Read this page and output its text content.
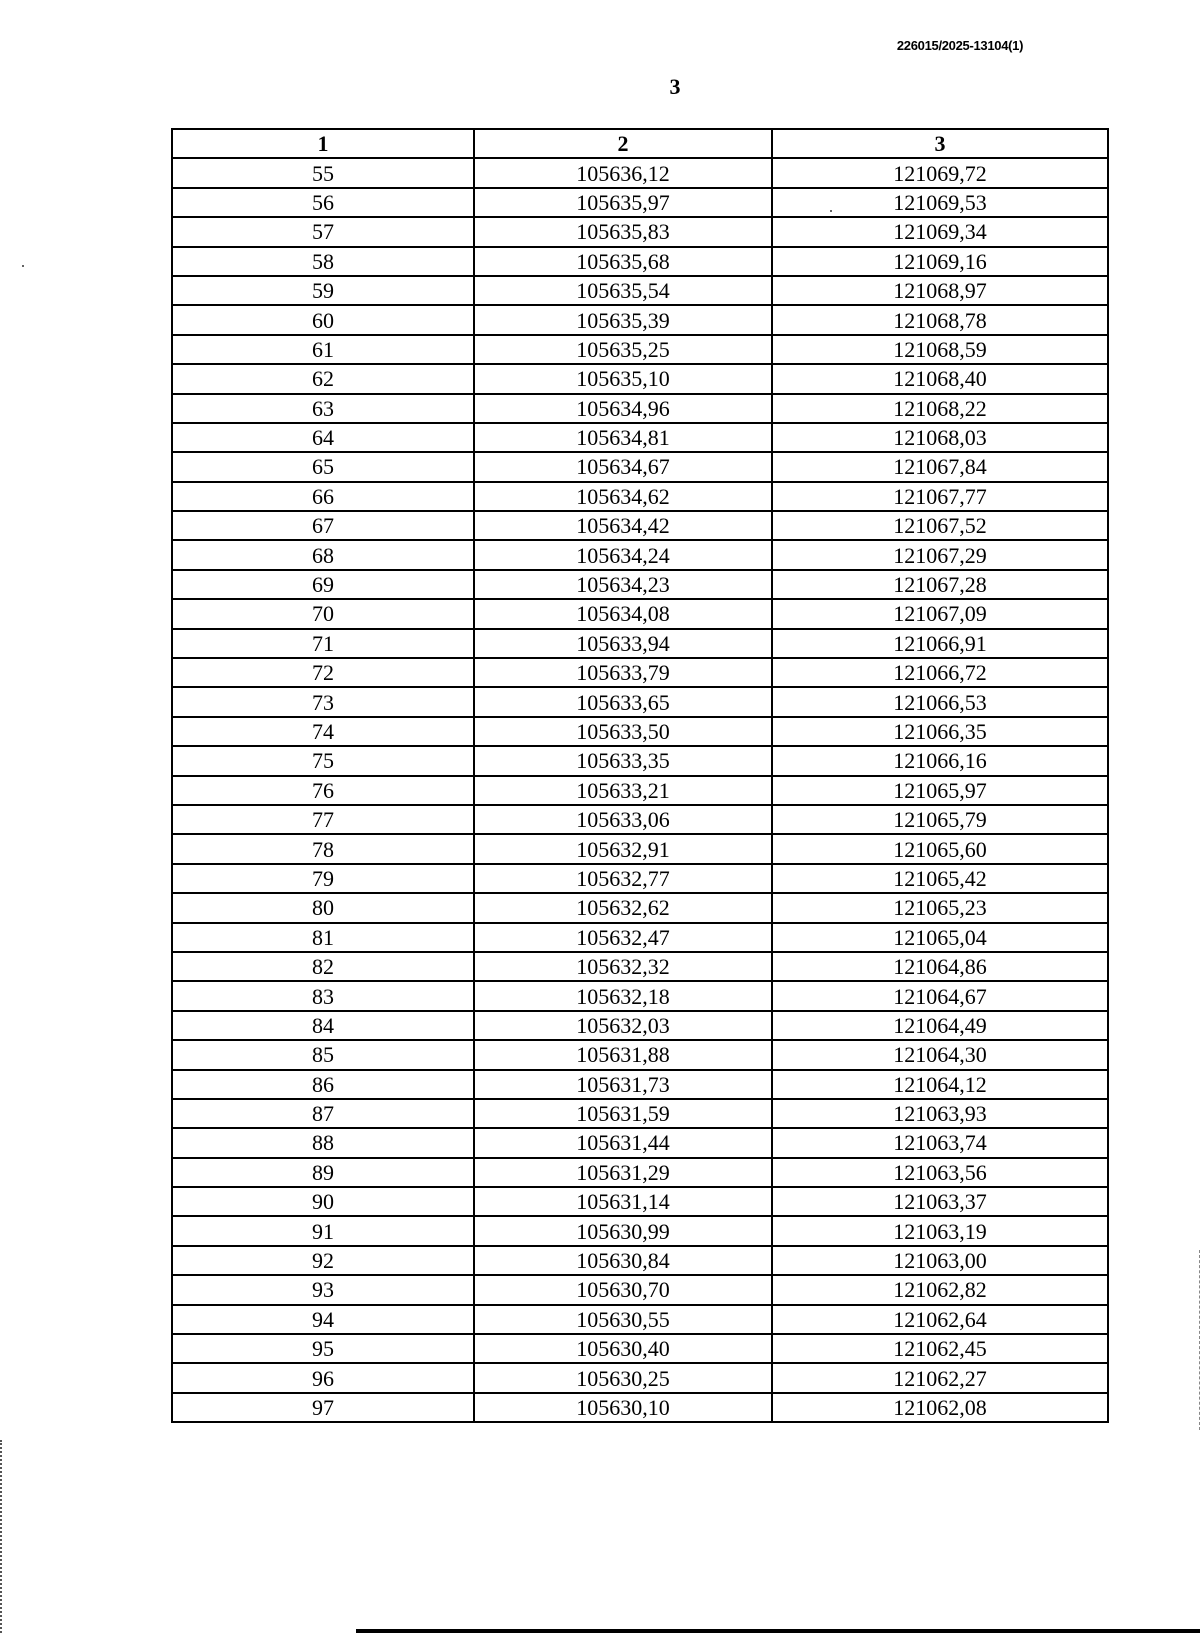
226015/2025-13104(1)
3
1	2	3
55	105636,12	121069,72
56	105635,97	121069,53
57	105635,83	121069,34
58	105635,68	121069,16
59	105635,54	121068,97
60	105635,39	121068,78
61	105635,25	121068,59
62	105635,10	121068,40
63	105634,96	121068,22
64	105634,81	121068,03
65	105634,67	121067,84
66	105634,62	121067,77
67	105634,42	121067,52
68	105634,24	121067,29
69	105634,23	121067,28
70	105634,08	121067,09
71	105633,94	121066,91
72	105633,79	121066,72
73	105633,65	121066,53
74	105633,50	121066,35
75	105633,35	121066,16
76	105633,21	121065,97
77	105633,06	121065,79
78	105632,91	121065,60
79	105632,77	121065,42
80	105632,62	121065,23
81	105632,47	121065,04
82	105632,32	121064,86
83	105632,18	121064,67
84	105632,03	121064,49
85	105631,88	121064,30
86	105631,73	121064,12
87	105631,59	121063,93
88	105631,44	121063,74
89	105631,29	121063,56
90	105631,14	121063,37
91	105630,99	121063,19
92	105630,84	121063,00
93	105630,70	121062,82
94	105630,55	121062,64
95	105630,40	121062,45
96	105630,25	121062,27
97	105630,10	121062,08
